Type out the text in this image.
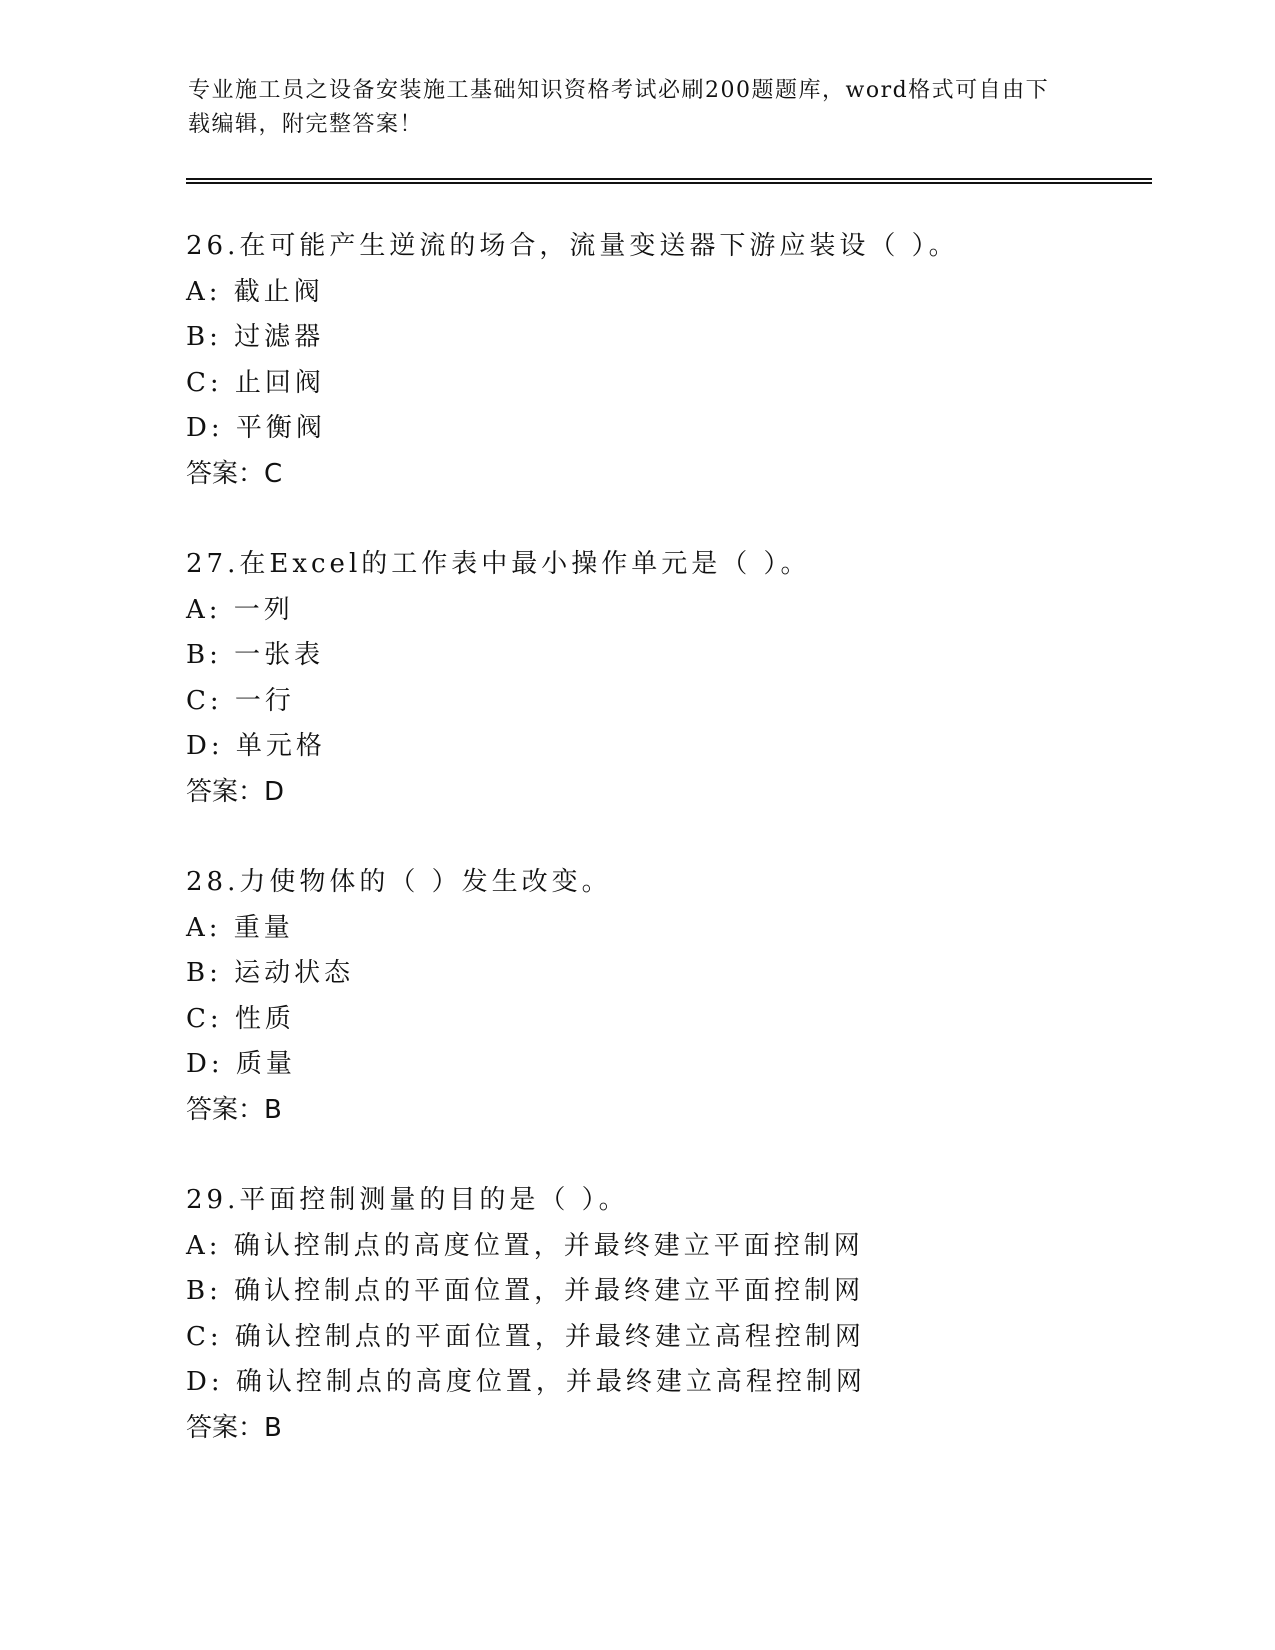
专业施工员之设备安装施工基础知识资格考试必刷200题题库，word格式可自由下载编辑，附完整答案！
26.在可能产生逆流的场合，流量变送器下游应装设（ ）。
A: 截止阀
B: 过滤器
C: 止回阀
D: 平衡阀
答案：C
27.在Excel的工作表中最小操作单元是（ ）。
A: 一列
B: 一张表
C: 一行
D: 单元格
答案：D
28.力使物体的（ ）发生改变。
A: 重量
B: 运动状态
C: 性质
D: 质量
答案：B
29.平面控制测量的目的是（ ）。
A: 确认控制点的高度位置，并最终建立平面控制网
B: 确认控制点的平面位置，并最终建立平面控制网
C: 确认控制点的平面位置，并最终建立高程控制网
D: 确认控制点的高度位置，并最终建立高程控制网
答案：B
